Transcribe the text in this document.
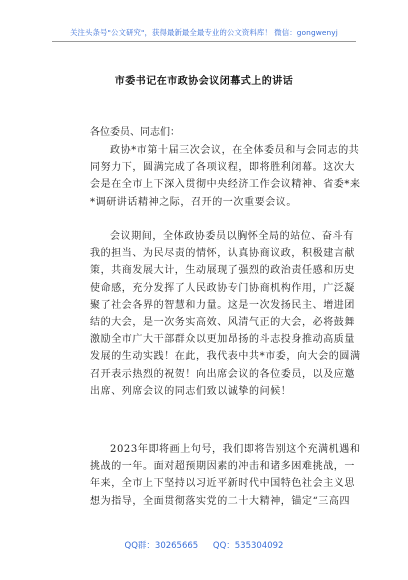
关注头条号"公文研究"，获得最新最全最专业的公文资料库！ 微信：gongwenyj
市委书记在市政协会议闭幕式上的讲话
各位委员、同志们：

政协*市第十届三次会议，在全体委员和与会同志的共
同努力下，圆满完成了各项议程，即将胜利闭幕。这次大
会是在全市上下深入贯彻中央经济工作会议精神、省委*来
*调研讲话精神之际，召开的一次重要会议。

会议期间，全体政协委员以胸怀全局的站位、奋斗有
我的担当、为民尽责的情怀，认真协商议政，积极建言献
策，共商发展大计，生动展现了强烈的政治责任感和历史
使命感，充分发挥了人民政协专门协商机构作用，广泛凝
聚了社会各界的智慧和力量。这是一次发扬民主、增进团
结的大会，是一次务实高效、风清气正的大会，必将鼓舞
激励全市广大干部群众以更加昂扬的斗志投身推动高质量
发展的生动实践！在此，我代表中共*市委，向大会的圆满
召开表示热烈的祝贺！向出席会议的各位委员，以及应邀
出席、列席会议的同志们致以诚挚的问候！

2023年即将画上句号，我们即将告别这个充满机遇和
挑战的一年。面对超预期因素的冲击和诸多困难挑战，一
年来，全市上下坚持以习近平新时代中国特色社会主义思
想为指导，全面贯彻落实党的二十大精神，锚定“三高四

QQ群：30265665 QQ：535304092
